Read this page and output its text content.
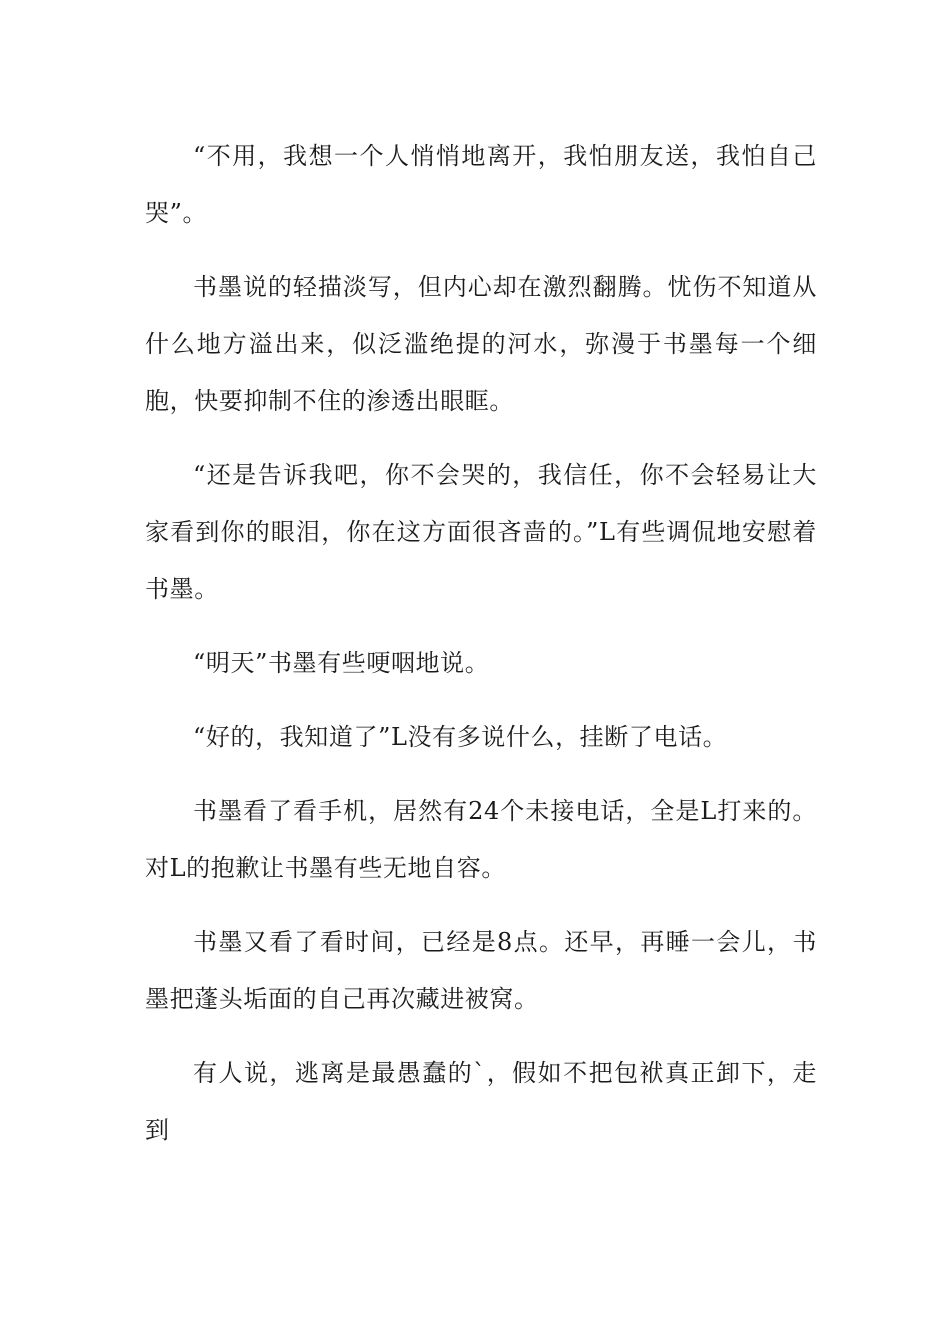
“不用，我想一个人悄悄地离开，我怕朋友送，我怕自己哭”。

书墨说的轻描淡写，但内心却在激烈翻腾。忧伤不知道从什么地方溢出来，似泛滥绝提的河水，弥漫于书墨每一个细胞，快要抑制不住的渗透出眼眶。

“还是告诉我吧，你不会哭的，我信任，你不会轻易让大家看到你的眼泪，你在这方面很吝啬的。”L有些调侃地安慰着书墨。

“明天”书墨有些哽咽地说。

“好的，我知道了”L没有多说什么，挂断了电话。

书墨看了看手机，居然有24个未接电话，全是L打来的。对L的抱歉让书墨有些无地自容。

书墨又看了看时间，已经是8点。还早，再睡一会儿，书墨把蓬头垢面的自己再次藏进被窝。

有人说，逃离是最愚蠢的`，假如不把包袱真正卸下，走到
